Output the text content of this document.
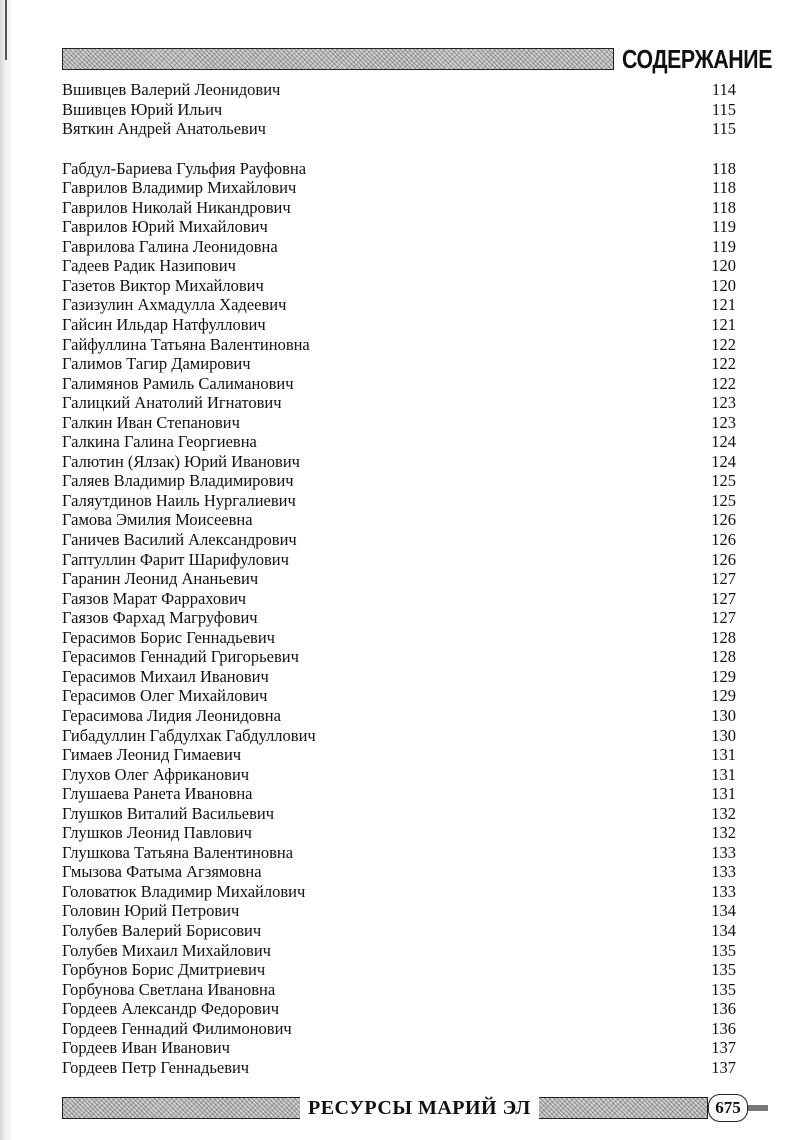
СОДЕРЖАНИЕ
Вшивцев Валерий Леонидович	114
Вшивцев Юрий Ильич	115
Вяткин Андрей Анатольевич	115
Габдул-Бариева Гульфия Рауфовна	118
Гаврилов Владимир Михайлович	118
Гаврилов Николай Никандрович	118
Гаврилов Юрий Михайлович	119
Гаврилова Галина Леонидовна	119
Гадеев Радик Назипович	120
Газетов Виктор Михайлович	120
Газизулин Ахмадулла Хадеевич	121
Гайсин Ильдар Натфуллович	121
Гайфуллина Татьяна Валентиновна	122
Галимов Тагир Дамирович	122
Галимянов Рамиль Салиманович	122
Галицкий Анатолий Игнатович	123
Галкин Иван Степанович	123
Галкина Галина Георгиевна	124
Галютин (Ялзак) Юрий Иванович	124
Галяев Владимир Владимирович	125
Галяутдинов Наиль Нургалиевич	125
Гамова Эмилия Моисеевна	126
Ганичев Василий Александрович	126
Гаптуллин Фарит Шарифулович	126
Гаранин Леонид Ананьевич	127
Гаязов Марат Фаррахович	127
Гаязов Фархад Магруфович	127
Герасимов Борис Геннадьевич	128
Герасимов Геннадий Григорьевич	128
Герасимов Михаил Иванович	129
Герасимов Олег Михайлович	129
Герасимова Лидия Леонидовна	130
Гибадуллин Габдулхак Габдуллович	130
Гимаев Леонид Гимаевич	131
Глухов Олег Африканович	131
Глушаева Ранета Ивановна	131
Глушков Виталий Васильевич	132
Глушков Леонид Павлович	132
Глушкова Татьяна Валентиновна	133
Гмызова Фатыма Агзямовна	133
Головатюк Владимир Михайлович	133
Головин Юрий Петрович	134
Голубев Валерий Борисович	134
Голубев Михаил Михайлович	135
Горбунов Борис Дмитриевич	135
Горбунова Светлана Ивановна	135
Гордеев Александр Федорович	136
Гордеев Геннадий Филимонович	136
Гордеев Иван Иванович	137
Гордеев Петр Геннадьевич	137
РЕСУРСЫ МАРИЙ ЭЛ	675
